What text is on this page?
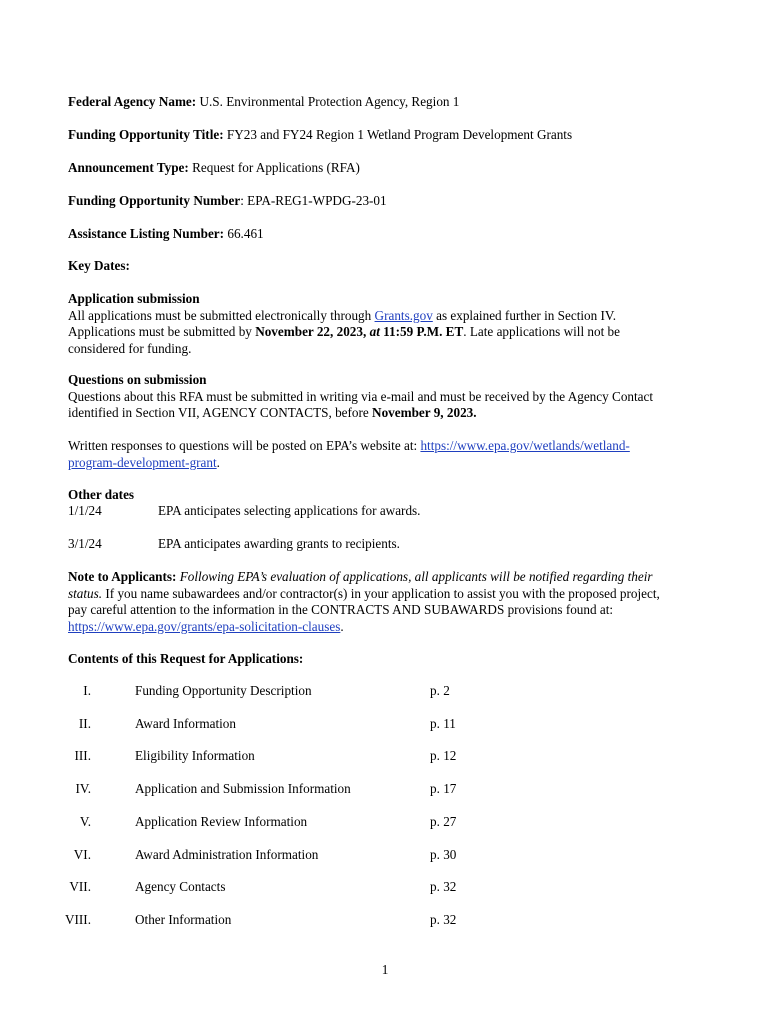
Federal Agency Name: U.S. Environmental Protection Agency, Region 1
Funding Opportunity Title: FY23 and FY24 Region 1 Wetland Program Development Grants
Announcement Type: Request for Applications (RFA)
Funding Opportunity Number: EPA-REG1-WPDG-23-01
Assistance Listing Number: 66.461
Key Dates:
Application submission
All applications must be submitted electronically through Grants.gov as explained further in Section IV.
Applications must be submitted by November 22, 2023, at 11:59 P.M. ET. Late applications will not be
considered for funding.
Questions on submission
Questions about this RFA must be submitted in writing via e-mail and must be received by the Agency Contact
identified in Section VII, AGENCY CONTACTS, before November 9, 2023.
Written responses to questions will be posted on EPA’s website at: https://www.epa.gov/wetlands/wetland-
program-development-grant.
Other dates
1/1/24	EPA anticipates selecting applications for awards.
3/1/24	EPA anticipates awarding grants to recipients.
Note to Applicants: Following EPA’s evaluation of applications, all applicants will be notified regarding their
status. If you name subawardees and/or contractor(s) in your application to assist you with the proposed project,
pay careful attention to the information in the CONTRACTS AND SUBAWARDS provisions found at:
https://www.epa.gov/grants/epa-solicitation-clauses.
Contents of this Request for Applications:
I.	Funding Opportunity Description	p. 2
II.	Award Information	p. 11
III.	Eligibility Information	p. 12
IV.	Application and Submission Information	p. 17
V.	Application Review Information	p. 27
VI.	Award Administration Information	p. 30
VII.	Agency Contacts	p. 32
VIII.	Other Information	p. 32
1
